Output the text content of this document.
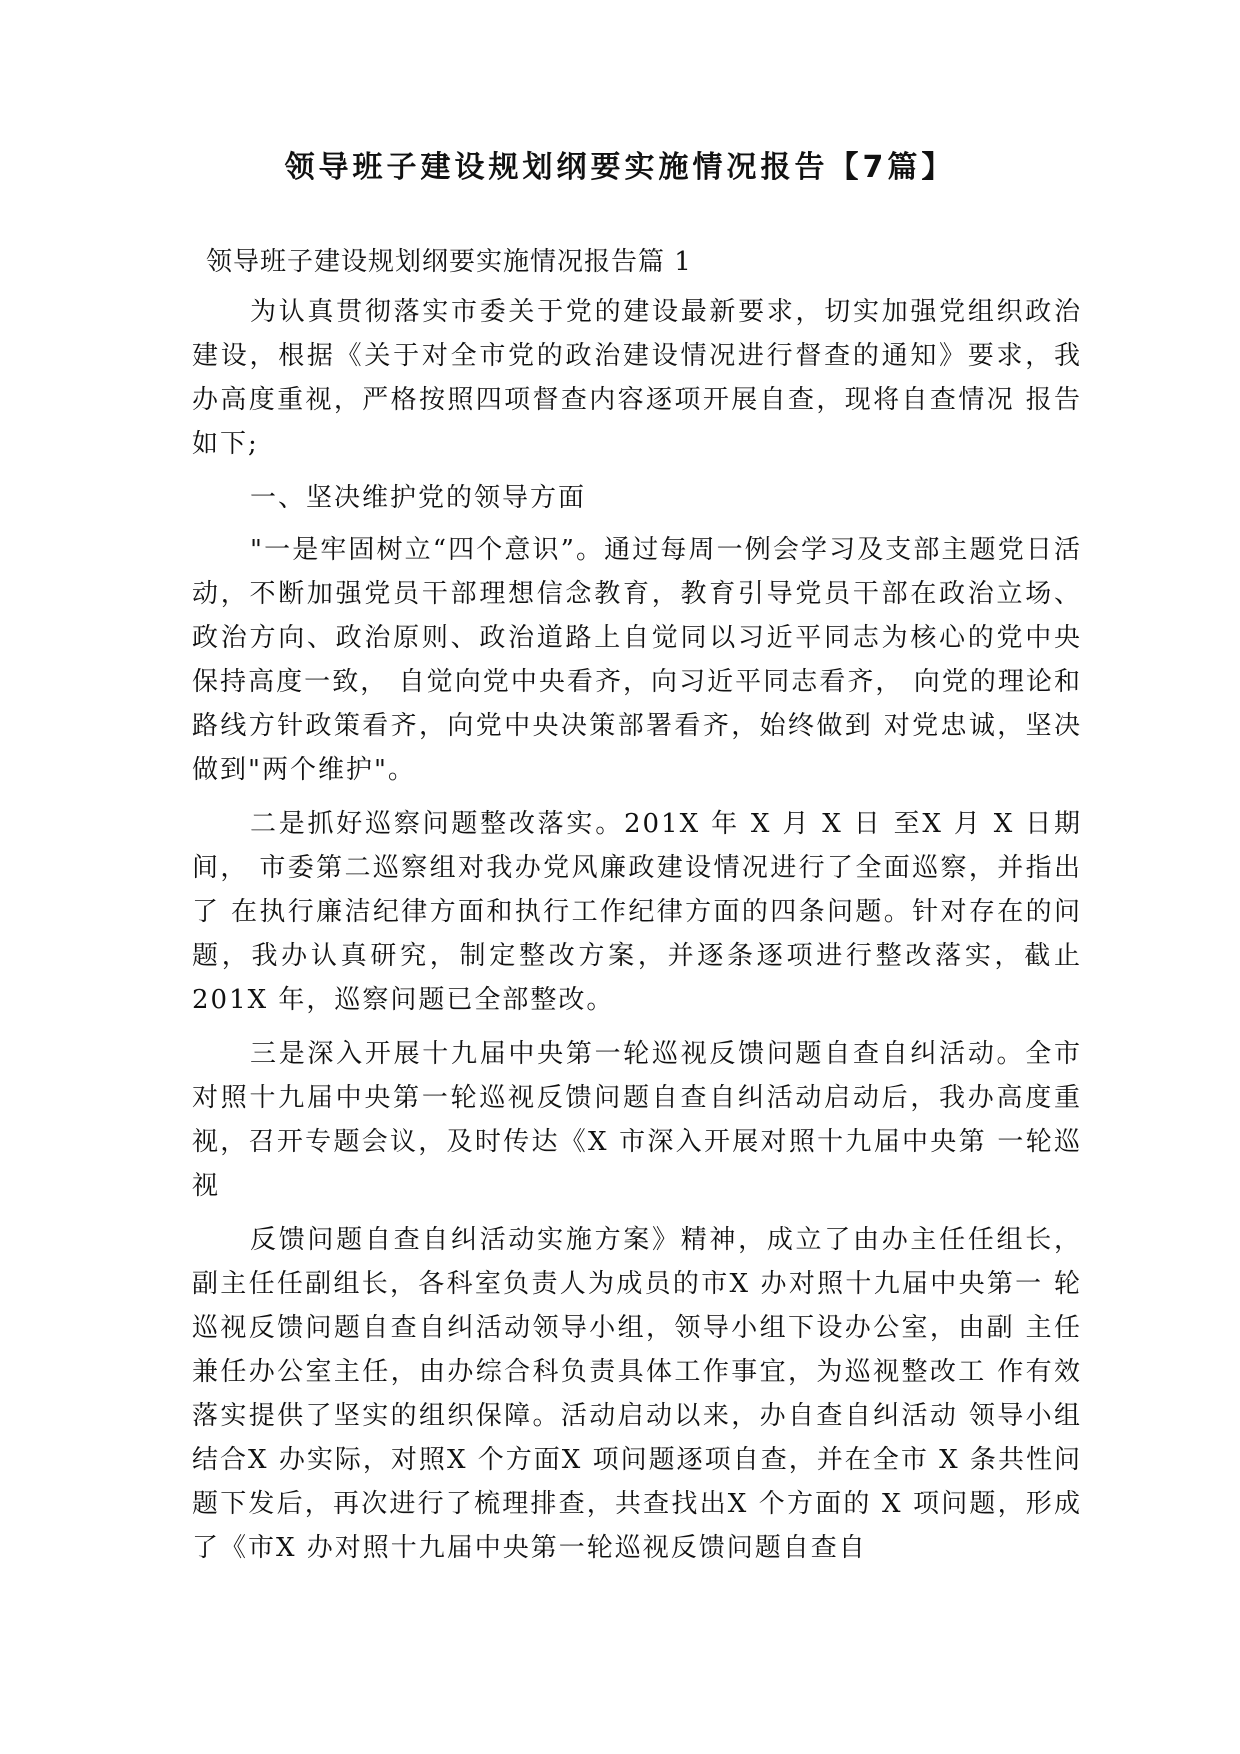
领导班子建设规划纲要实施情况报告【7篇】

领导班子建设规划纲要实施情况报告篇 1

为认真贯彻落实市委关于党的建设最新要求，切实加强党组织政治建设，根据《关于对全市党的政治建设情况进行督查的通知》要求，我办高度重视，严格按照四项督查内容逐项开展自查，现将自查情况 报告如下;

一、坚决维护党的领导方面

"一是牢固树立“四个意识”。通过每周一例会学习及支部主题党日活动，不断加强党员干部理想信念教育，教育引导党员干部在政治立场、政治方向、政治原则、政治道路上自觉同以习近平同志为核心的党中央保持高度一致， 自觉向党中央看齐，向习近平同志看齐， 向党的理论和路线方针政策看齐，向党中央决策部署看齐，始终做到 对党忠诚，坚决做到"两个维护"。

二是抓好巡察问题整改落实。201X 年 X 月 X 日 至X 月 X 日期间， 市委第二巡察组对我办党风廉政建设情况进行了全面巡察，并指出了 在执行廉洁纪律方面和执行工作纪律方面的四条问题。针对存在的问 题，我办认真研究，制定整改方案，并逐条逐项进行整改落实，截止 201X 年，巡察问题已全部整改。

三是深入开展十九届中央第一轮巡视反馈问题自查自纠活动。全市对照十九届中央第一轮巡视反馈问题自查自纠活动启动后，我办高度重视，召开专题会议，及时传达《X 市深入开展对照十九届中央第 一轮巡视

反馈问题自查自纠活动实施方案》精神，成立了由办主任任组长， 副主任任副组长，各科室负责人为成员的市X 办对照十九届中央第一 轮巡视反馈问题自查自纠活动领导小组，领导小组下设办公室，由副 主任兼任办公室主任，由办综合科负责具体工作事宜，为巡视整改工 作有效落实提供了坚实的组织保障。活动启动以来，办自查自纠活动 领导小组结合X 办实际，对照X 个方面X 项问题逐项自查，并在全市 X 条共性问题下发后，再次进行了梳理排查，共查找出X 个方面的 X 项问题，形成了《市X 办对照十九届中央第一轮巡视反馈问题自查自
